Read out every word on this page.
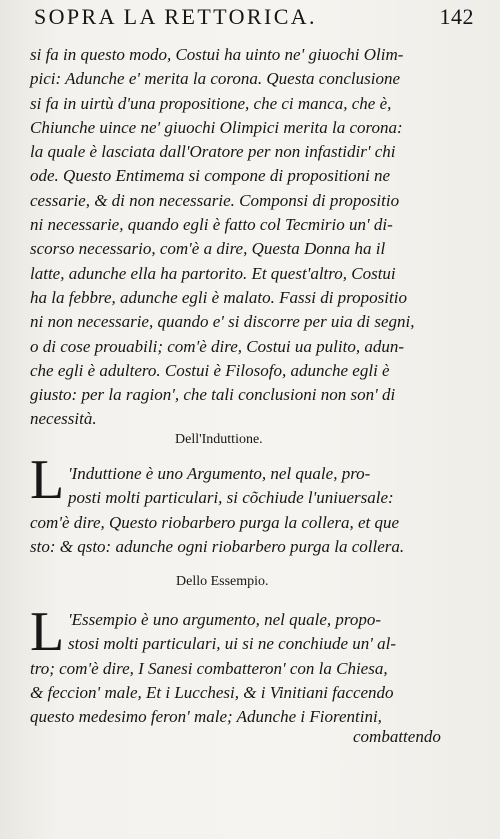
SOPRA LA RETTORICA.	142
si fa in questo modo, Costui ha uinto ne' giuochi Olim-
pici: Adunche e' merita la corona. Questa conclusione
si fa in uirtù d'una propositione, che ci manca, che è,
Chiunche uince ne' giuochi Olimpici merita la corona:
la quale è lasciata dall'Oratore per non infastidir' chi
ode. Questo Entimema si compone di propositioni ne
cessarie, & di non necessarie. Componsi di propositio
ni necessarie, quando egli è fatto col Tecmirio un' di-
scorso necessario, com'è a dire, Questa Donna ha il
latte, adunche ella ha partorito. Et quest'altro, Costui
ha la febbre, adunche egli è malato. Fassi di propositio
ni non necessarie, quando e' si discorre per uia di segni,
o di cose prouabili; com'è dire, Costui ua pulito, adun-
che egli è adultero. Costui è Filosofo, adunche egli è
giusto: per la ragion', che tali conclusioni non son' di
necessità.
Dell'Induttione.
L 'Induttione è uno Argumento, nel quale, pro-
posti molti particulari, si cõchiude l'uniuersale:
com'è dire, Questo riobarbero purga la collera, et que
sto: & qsto: adunche ogni riobarbero purga la collera.
Dello Essempio.
L 'Essempio è uno argumento, nel quale, propo-
stosi molti particulari, ui si ne conchiude un' al-
tro; com'è dire, I Sanesi combatteron' con la Chiesa,
& feccion' male, Et i Lucchesi, & i Vinitiani faccendo
questo medesimo feron' male; Adunche i Fiorentini,
combattendo
